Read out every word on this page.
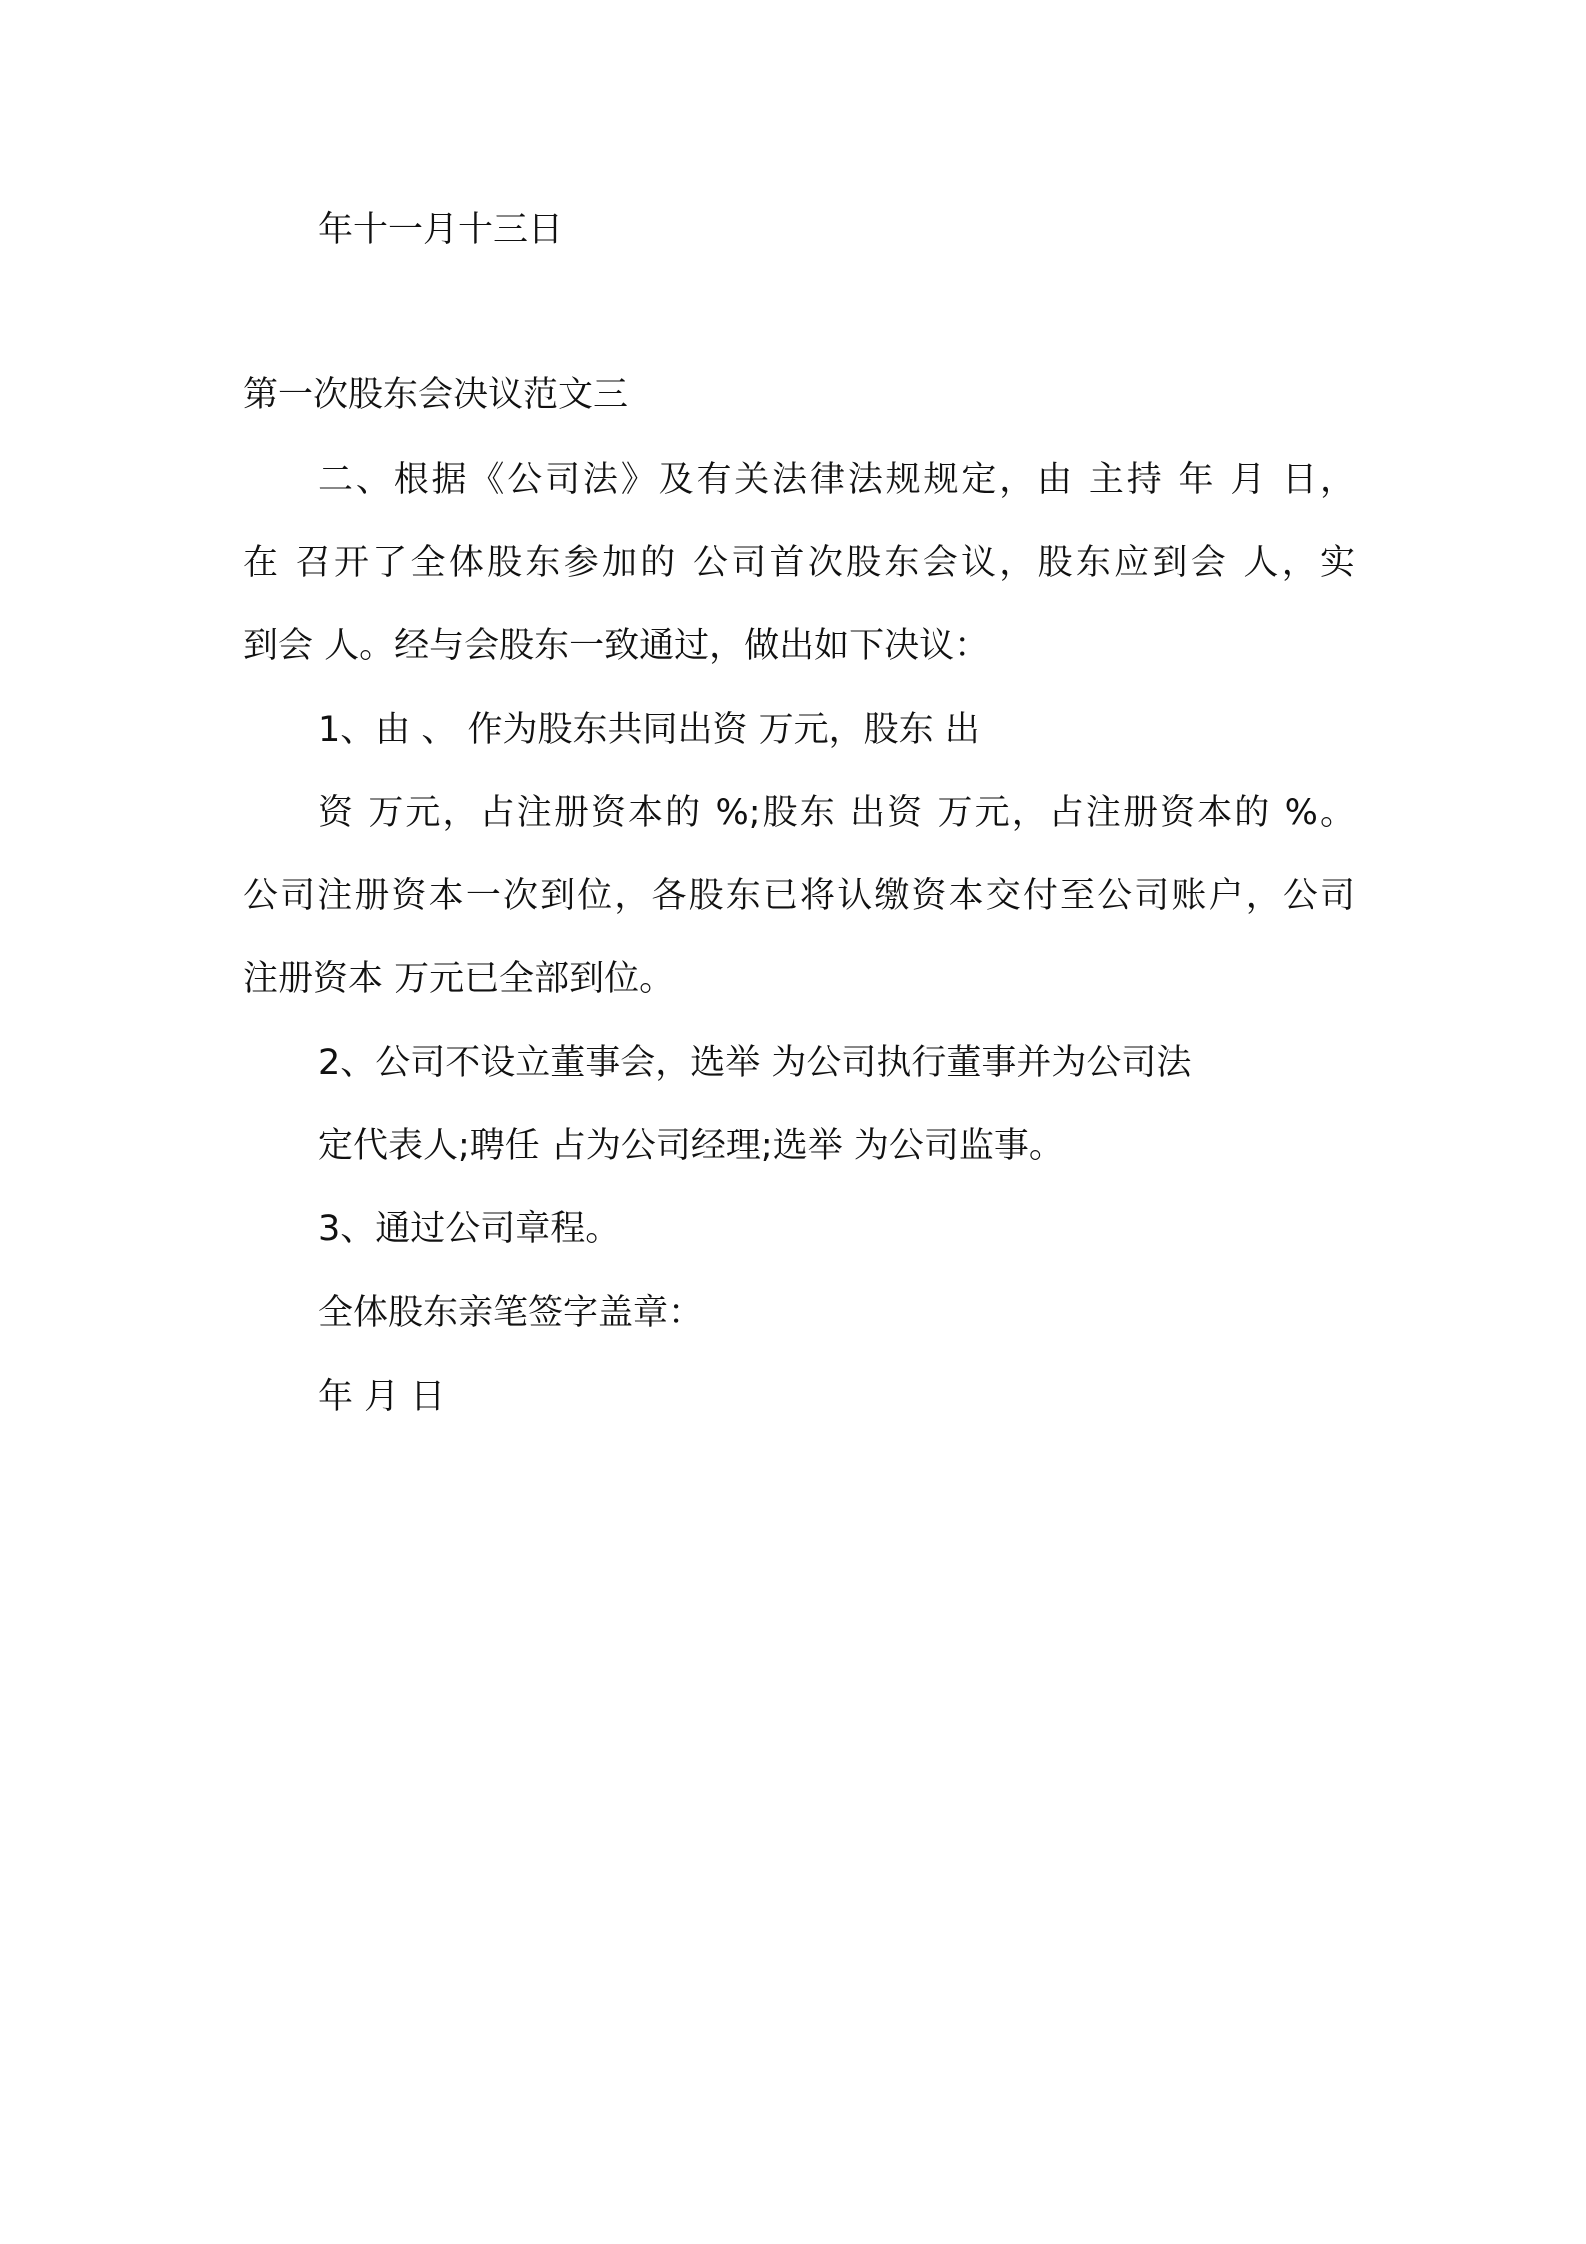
年十一月十三日
第一次股东会决议范文三
二、根据《公司法》及有关法律法规规定，由 主持 年 月 日，
在 召开了全体股东参加的 公司首次股东会议，股东应到会 人，实
到会 人。经与会股东一致通过，做出如下决议：
1、由 、 作为股东共同出资 万元，股东 出
资 万元，占注册资本的 %;股东 出资 万元，占注册资本的 %。
公司注册资本一次到位，各股东已将认缴资本交付至公司账户，公司
注册资本 万元已全部到位。
2、公司不设立董事会，选举 为公司执行董事并为公司法
定代表人;聘任 占为公司经理;选举 为公司监事。
3、通过公司章程。
全体股东亲笔签字盖章：
年 月 日
